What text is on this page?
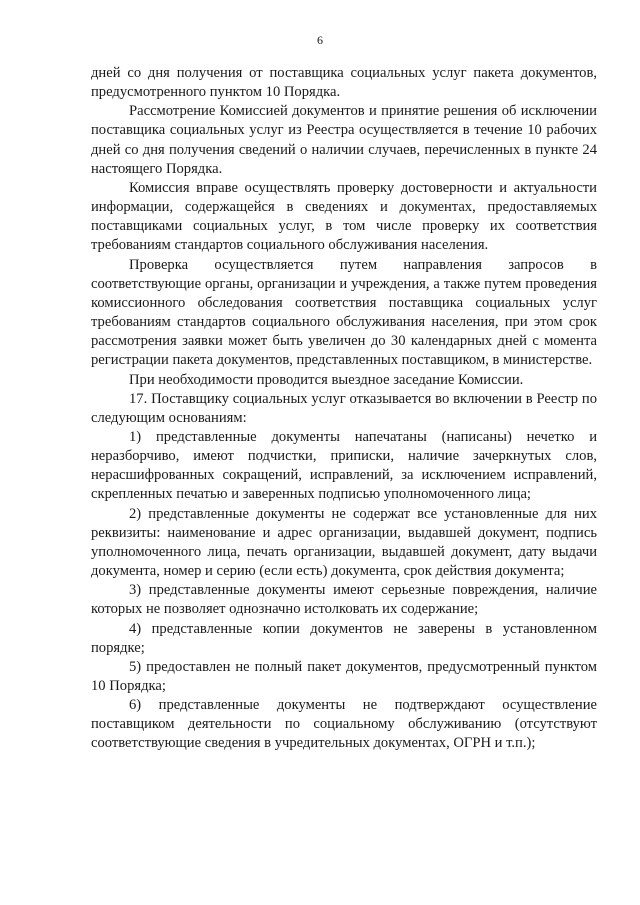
6

дней со дня получения от поставщика социальных услуг пакета документов, предусмотренного пунктом 10 Порядка.

Рассмотрение Комиссией документов и принятие решения об исключении поставщика социальных услуг из Реестра осуществляется в течение 10 рабочих дней со дня получения сведений о наличии случаев, перечисленных в пункте 24 настоящего Порядка.

Комиссия вправе осуществлять проверку достоверности и актуальности информации, содержащейся в сведениях и документах, предоставляемых поставщиками социальных услуг, в том числе проверку их соответствия требованиям стандартов социального обслуживания населения.

Проверка осуществляется путем направления запросов в соответствующие органы, организации и учреждения, а также путем проведения комиссионного обследования соответствия поставщика социальных услуг требованиям стандартов социального обслуживания населения, при этом срок рассмотрения заявки может быть увеличен до 30 календарных дней с момента регистрации пакета документов, представленных поставщиком, в министерстве.

При необходимости проводится выездное заседание Комиссии.

17. Поставщику социальных услуг отказывается во включении в Реестр по следующим основаниям:

1) представленные документы напечатаны (написаны) нечетко и неразборчиво, имеют подчистки, приписки, наличие зачеркнутых слов, нерасшифрованных сокращений, исправлений, за исключением исправлений, скрепленных печатью и заверенных подписью уполномоченного лица;

2) представленные документы не содержат все установленные для них реквизиты: наименование и адрес организации, выдавшей документ, подпись уполномоченного лица, печать организации, выдавшей документ, дату выдачи документа, номер и серию (если есть) документа, срок действия документа;

3) представленные документы имеют серьезные повреждения, наличие которых не позволяет однозначно истолковать их содержание;

4) представленные копии документов не заверены в установленном порядке;

5) предоставлен не полный пакет документов, предусмотренный пунктом 10 Порядка;

6) представленные документы не подтверждают осуществление поставщиком деятельности по социальному обслуживанию (отсутствуют соответствующие сведения в учредительных документах, ОГРН и т.п.);
